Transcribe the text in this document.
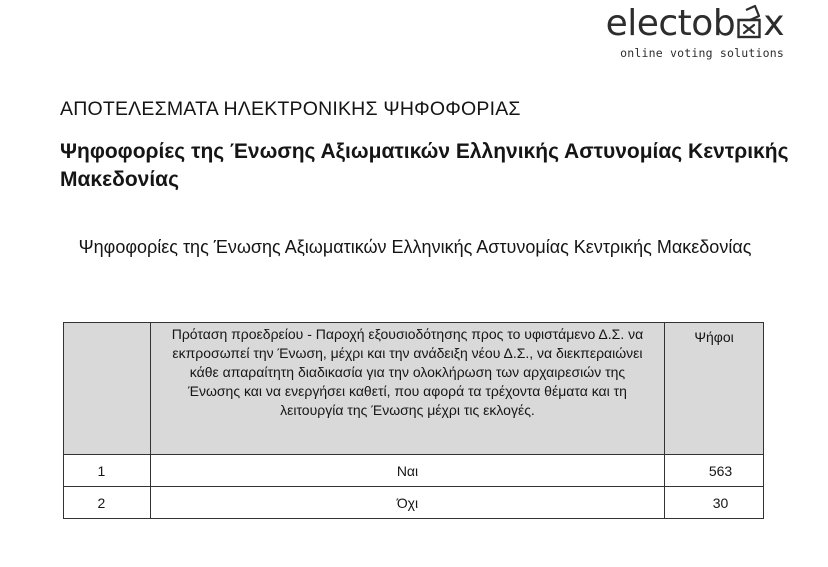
electob x
online voting solutions
ΑΠΟΤΕΛΕΣΜΑΤΑ ΗΛΕΚΤΡΟΝΙΚΗΣ ΨΗΦΟΦΟΡΙΑΣ
Ψηφοφορίες της Ένωσης Αξιωματικών Ελληνικής Αστυνομίας Κεντρικής Μακεδονίας
Ψηφοφορίες της Ένωσης Αξιωματικών Ελληνικής Αστυνομίας Κεντρικής Μακεδονίας
	Πρόταση προεδρείου - Παροχή εξουσιοδότησης προς το υφιστάμενο Δ.Σ. να εκπροσωπεί την Ένωση, μέχρι και την ανάδειξη νέου Δ.Σ., να διεκπεραιώνει κάθε απαραίτητη διαδικασία για την ολοκλήρωση των αρχαιρεσιών της Ένωσης και να ενεργήσει καθετί, που αφορά τα τρέχοντα θέματα και τη λειτουργία της Ένωσης μέχρι τις εκλογές.	Ψήφοι
1	Ναι	563
2	Όχι	30
